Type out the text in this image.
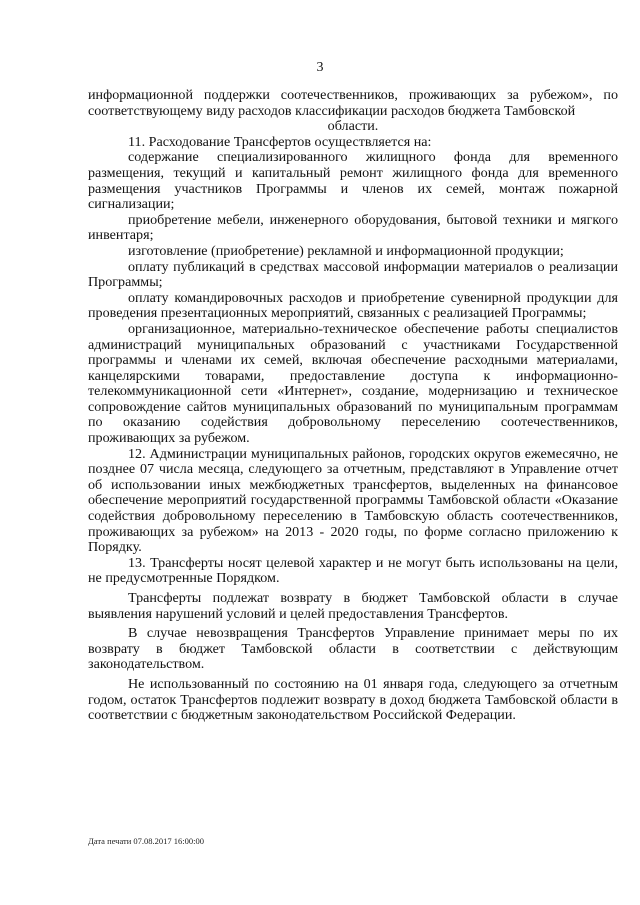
3

информационной поддержки соотечественников, проживающих за рубежом», по соответствующему виду расходов классификации расходов бюджета Тамбовской

области.

11. Расходование Трансфертов осуществляется на:

содержание специализированного жилищного фонда для временного размещения, текущий и капитальный ремонт жилищного фонда для временного размещения участников Программы и членов их семей, монтаж пожарной сигнализации;

приобретение мебели, инженерного оборудования, бытовой техники и мягкого инвентаря;

изготовление (приобретение) рекламной и информационной продукции;

оплату публикаций в средствах массовой информации материалов о реализации Программы;

оплату командировочных расходов и приобретение сувенирной продукции для проведения презентационных мероприятий, связанных с реализацией Программы;

организационное, материально-техническое обеспечение работы специалистов администраций муниципальных образований с участниками Государственной программы и членами их семей, включая обеспечение расходными материалами, канцелярскими товарами, предоставление доступа к информационно-телекоммуникационной сети «Интернет», создание, модернизацию и техническое сопровождение сайтов муниципальных образований по муниципальным программам по оказанию содействия добровольному переселению соотечественников, проживающих за рубежом.

12. Администрации муниципальных районов, городских округов ежемесячно, не позднее 07 числа месяца, следующего за отчетным, представляют в Управление отчет об использовании иных межбюджетных трансфертов, выделенных на финансовое обеспечение мероприятий государственной программы Тамбовской области «Оказание содействия добровольному переселению в Тамбовскую область соотечественников, проживающих за рубежом» на 2013 - 2020 годы, по форме согласно приложению к Порядку.

13. Трансферты носят целевой характер и не могут быть использованы на цели, не предусмотренные Порядком.

Трансферты подлежат возврату в бюджет Тамбовской области в случае выявления нарушений условий и целей предоставления Трансфертов.

В случае невозвращения Трансфертов Управление принимает меры по их возврату в бюджет Тамбовской области в соответствии с действующим законодательством.

Не использованный по состоянию на 01 января года, следующего за отчетным годом, остаток Трансфертов подлежит возврату в доход бюджета Тамбовской области в соответствии с бюджетным законодательством Российской Федерации.

Дата печати 07.08.2017 16:00:00
